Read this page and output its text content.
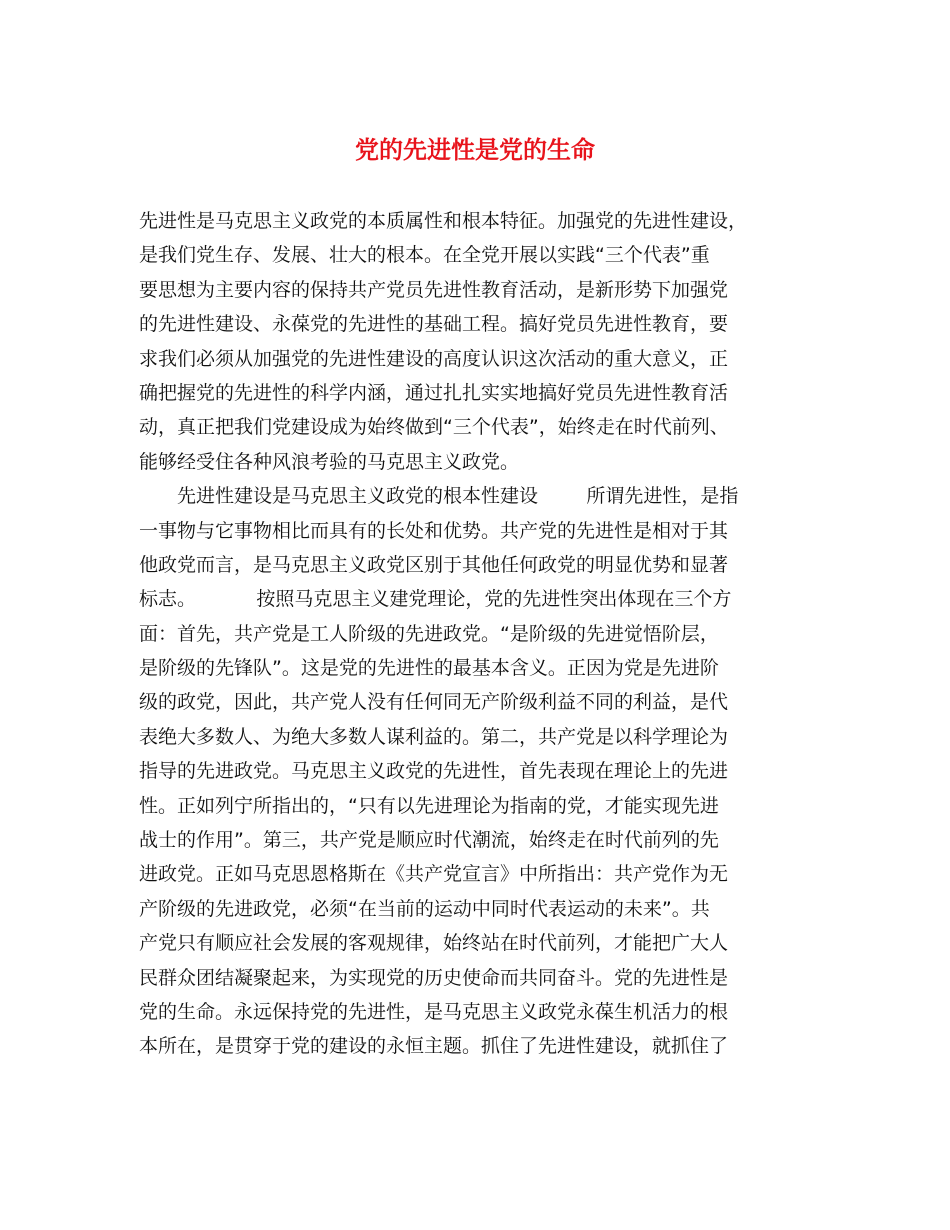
党的先进性是党的生命
先进性是马克思主义政党的本质属性和根本特征。加强党的先进性建设，
是我们党生存、发展、壮大的根本。在全党开展以实践“三个代表”重
要思想为主要内容的保持共产党员先进性教育活动，是新形势下加强党
的先进性建设、永葆党的先进性的基础工程。搞好党员先进性教育，要
求我们必须从加强党的先进性建设的高度认识这次活动的重大意义，正
确把握党的先进性的科学内涵，通过扎扎实实地搞好党员先进性教育活
动，真正把我们党建设成为始终做到“三个代表”，始终走在时代前列、
能够经受住各种风浪考验的马克思主义政党。
先进性建设是马克思主义政党的根本性建设        所谓先进性，是指
一事物与它事物相比而具有的长处和优势。共产党的先进性是相对于其
他政党而言，是马克思主义政党区别于其他任何政党的明显优势和显著
标志。          按照马克思主义建党理论，党的先进性突出体现在三个方
面：首先，共产党是工人阶级的先进政党。“是阶级的先进觉悟阶层，
是阶级的先锋队”。这是党的先进性的最基本含义。正因为党是先进阶
级的政党，因此，共产党人没有任何同无产阶级利益不同的利益，是代
表绝大多数人、为绝大多数人谋利益的。第二，共产党是以科学理论为
指导的先进政党。马克思主义政党的先进性，首先表现在理论上的先进
性。正如列宁所指出的，“只有以先进理论为指南的党，才能实现先进
战士的作用”。第三，共产党是顺应时代潮流，始终走在时代前列的先
进政党。正如马克思恩格斯在《共产党宣言》中所指出：共产党作为无
产阶级的先进政党，必须“在当前的运动中同时代表运动的未来”。共
产党只有顺应社会发展的客观规律，始终站在时代前列，才能把广大人
民群众团结凝聚起来，为实现党的历史使命而共同奋斗。党的先进性是
党的生命。永远保持党的先进性，是马克思主义政党永葆生机活力的根
本所在，是贯穿于党的建设的永恒主题。抓住了先进性建设，就抓住了
